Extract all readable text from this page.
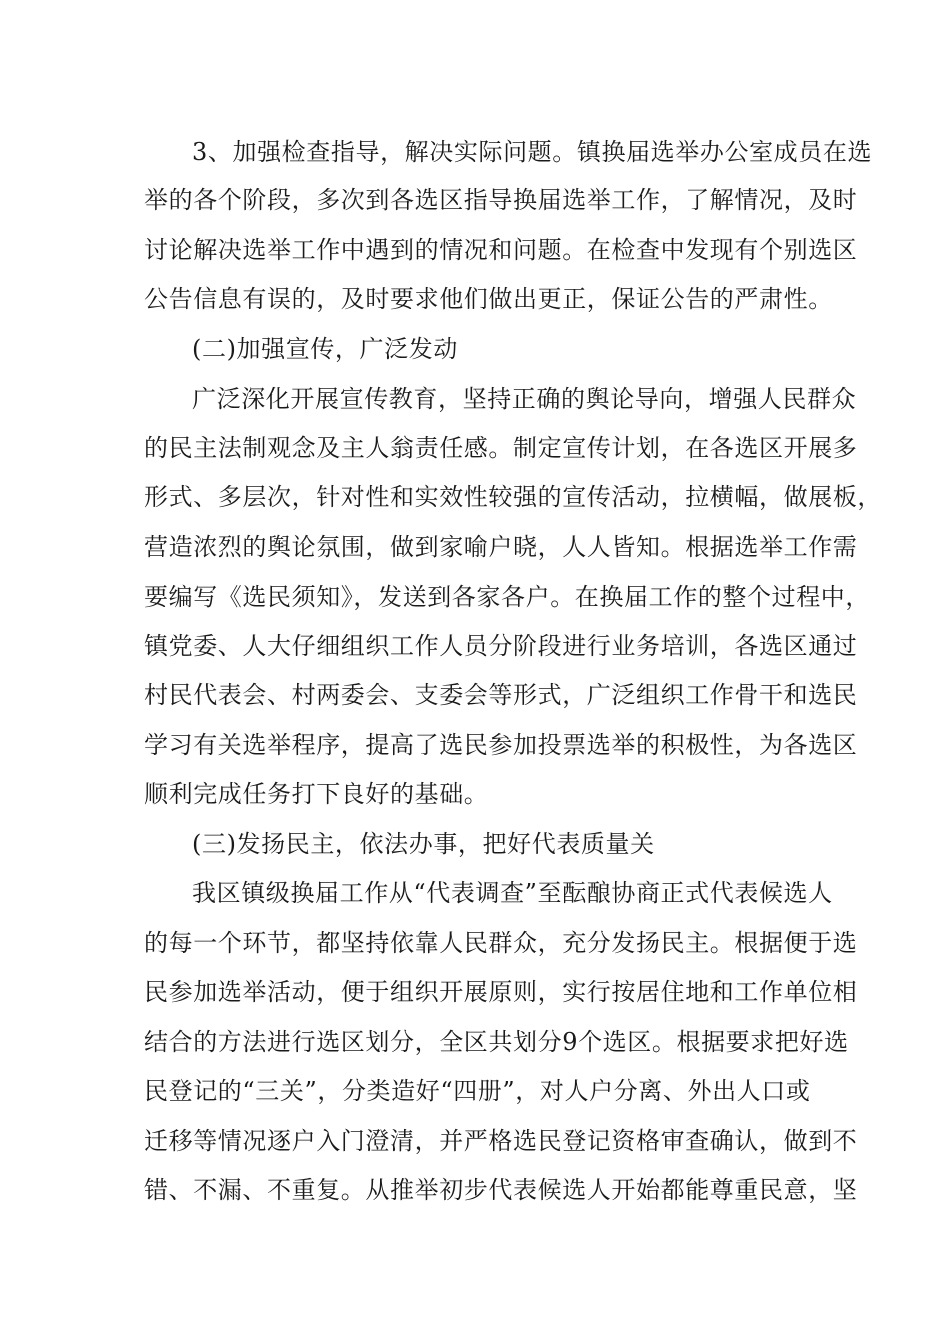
3、加强检查指导，解决实际问题。镇换届选举办公室成员在选
举的各个阶段，多次到各选区指导换届选举工作，了解情况，及时
讨论解决选举工作中遇到的情况和问题。在检查中发现有个别选区
公告信息有误的，及时要求他们做出更正，保证公告的严肃性。
(二)加强宣传，广泛发动
广泛深化开展宣传教育，坚持正确的舆论导向，增强人民群众
的民主法制观念及主人翁责任感。制定宣传计划，在各选区开展多
形式、多层次，针对性和实效性较强的宣传活动，拉横幅，做展板，
营造浓烈的舆论氛围，做到家喻户晓，人人皆知。根据选举工作需
要编写《选民须知》，发送到各家各户。在换届工作的整个过程中，
镇党委、人大仔细组织工作人员分阶段进行业务培训，各选区通过
村民代表会、村两委会、支委会等形式，广泛组织工作骨干和选民
学习有关选举程序，提高了选民参加投票选举的积极性，为各选区
顺利完成任务打下良好的基础。
(三)发扬民主，依法办事，把好代表质量关
我区镇级换届工作从“代表调查”至酝酿协商正式代表候选人
的每一个环节，都坚持依靠人民群众，充分发扬民主。根据便于选
民参加选举活动，便于组织开展原则，实行按居住地和工作单位相
结合的方法进行选区划分，全区共划分9个选区。根据要求把好选
民登记的“三关”，分类造好“四册”，对人户分离、外出人口或
迁移等情况逐户入门澄清，并严格选民登记资格审查确认，做到不
错、不漏、不重复。从推举初步代表候选人开始都能尊重民意，坚
